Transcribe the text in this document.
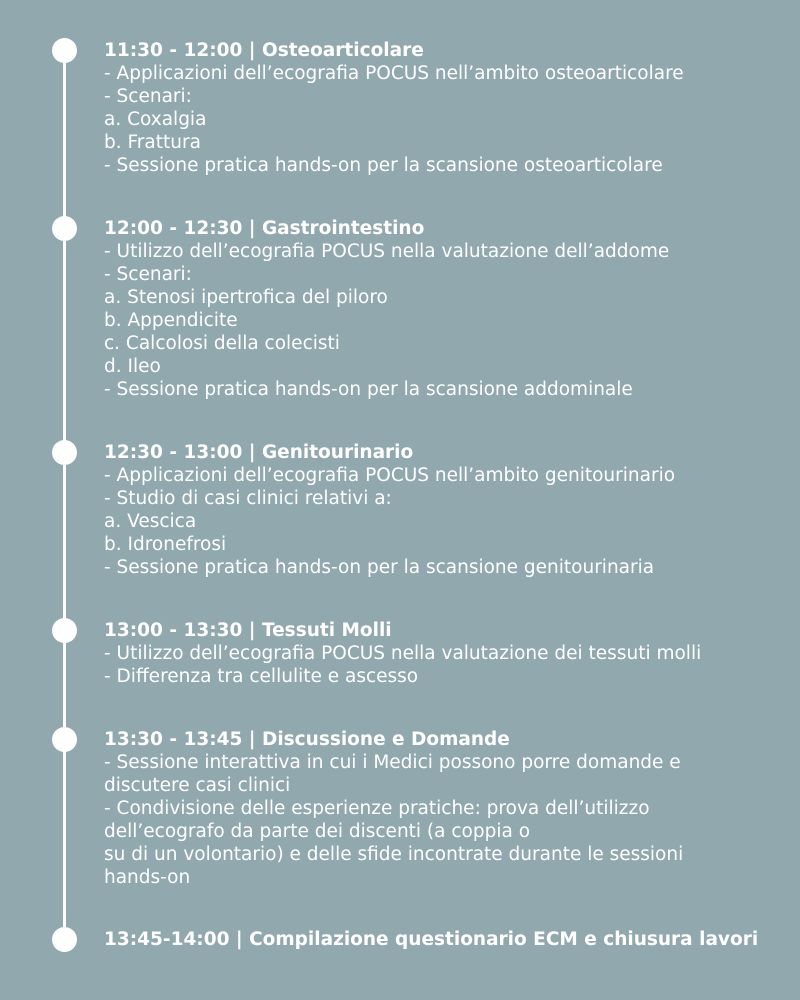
11:30 - 12:00 | Osteoarticolare
- Applicazioni dell’ecografia POCUS nell’ambito osteoarticolare
- Scenari:
a. Coxalgia
b. Frattura
- Sessione pratica hands-on per la scansione osteoarticolare
12:00 - 12:30 | Gastrointestino
- Utilizzo dell’ecografia POCUS nella valutazione dell’addome
- Scenari:
a. Stenosi ipertrofica del piloro
b. Appendicite
c. Calcolosi della colecisti
d. Ileo
- Sessione pratica hands-on per la scansione addominale
12:30 - 13:00 | Genitourinario
- Applicazioni dell’ecografia POCUS nell’ambito genitourinario
- Studio di casi clinici relativi a:
a. Vescica
b. Idronefrosi
- Sessione pratica hands-on per la scansione genitourinaria
13:00 - 13:30 | Tessuti Molli
- Utilizzo dell’ecografia POCUS nella valutazione dei tessuti molli
- Differenza tra cellulite e ascesso
13:30 - 13:45 | Discussione e Domande
- Sessione interattiva in cui i Medici possono porre domande e
discutere casi clinici
- Condivisione delle esperienze pratiche: prova dell’utilizzo
dell’ecografo da parte dei discenti (a coppia o
su di un volontario) e delle sfide incontrate durante le sessioni
hands-on
13:45-14:00 | Compilazione questionario ECM e chiusura lavori
